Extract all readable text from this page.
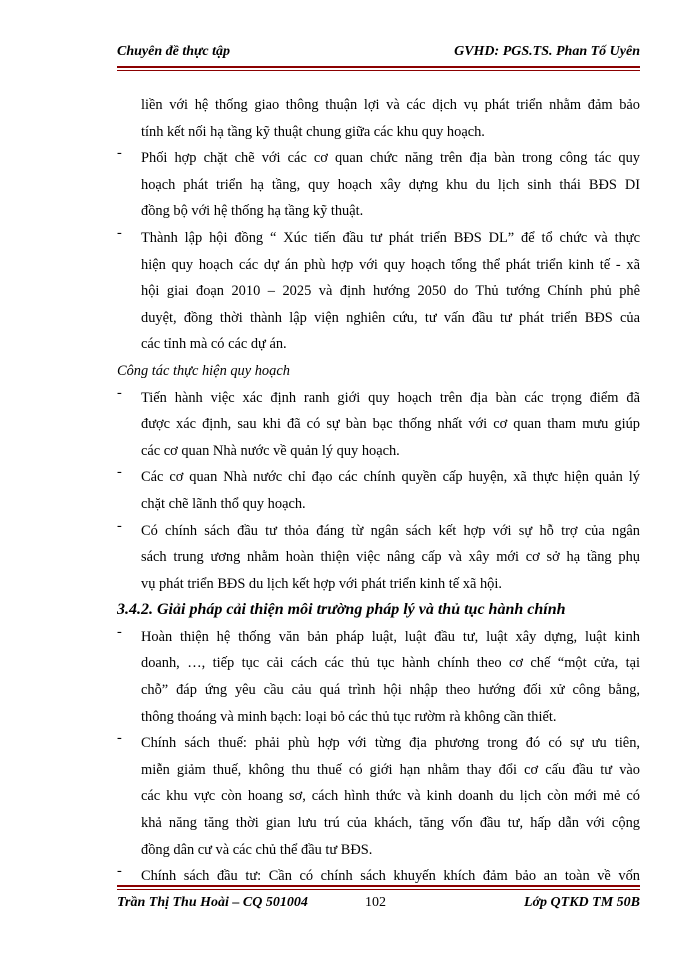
Chuyên đề thực tập	GVHD: PGS.TS. Phan Tố Uyên
liền với hệ thống giao thông thuận lợi và các dịch vụ phát triển nhằm đảm bảo
tính kết nối hạ tầng kỹ thuật chung giữa các khu quy hoạch.
-	Phối hợp chặt chẽ với các cơ quan chức năng trên địa bàn trong công tác quy
hoạch phát triển hạ tầng, quy hoạch xây dựng khu du lịch sinh thái BĐS DI
đồng bộ với hệ thống hạ tầng kỹ thuật.
-	Thành lập hội đồng “ Xúc tiến đầu tư phát triển BĐS DL” để tổ chức và thực
hiện quy hoạch các dự án phù hợp với quy hoạch tổng thể phát triển kinh tế - xã
hội giai đoạn 2010 – 2025 và định hướng 2050 do Thủ tướng Chính phủ phê
duyệt, đồng thời thành lập viện nghiên cứu, tư vấn đầu tư phát triển BĐS của
các tỉnh mà có các dự án.
Công tác thực hiện quy hoạch
-	Tiến hành việc xác định ranh giới quy hoạch trên địa bàn các trọng điểm đã
được xác định, sau khi đã có sự bàn bạc thống nhất với cơ quan tham mưu giúp
các cơ quan Nhà nước về quản lý quy hoạch.
-	Các cơ quan Nhà nước chỉ đạo các chính quyền cấp huyện, xã thực hiện quản lý
chặt chẽ lãnh thổ quy hoạch.
-	Có chính sách đầu tư thỏa đáng từ ngân sách kết hợp với sự hỗ trợ của ngân
sách trung ương nhằm hoàn thiện việc nâng cấp và xây mới cơ sở hạ tầng phụ
vụ phát triển BĐS du lịch kết hợp với phát triển kinh tế xã hội.
3.4.2. Giải pháp cải thiện môi trường pháp lý và thủ tục hành chính
-	Hoàn thiện hệ thống văn bản pháp luật, luật đầu tư, luật xây dựng, luật kinh
doanh, …, tiếp tục cải cách các thủ tục hành chính theo cơ chế “một cửa, tại
chỗ” đáp ứng yêu cầu cảu quá trình hội nhập theo hướng đối xử công bằng,
thông thoáng và minh bạch: loại bỏ các thủ tục rườm rà không cần thiết.
-	Chính sách thuế: phải phù hợp với từng địa phương trong đó có sự ưu tiên,
miễn giảm thuế, không thu thuế có giới hạn nhằm thay đổi cơ cấu đầu tư vào
các khu vực còn hoang sơ, cách hình thức và kinh doanh du lịch còn mới mẻ có
khả năng tăng thời gian lưu trú của khách, tăng vốn đầu tư, hấp dẫn với cộng
đồng dân cư và các chủ thể đầu tư BĐS.
-	Chính sách đầu tư: Cần có chính sách khuyến khích đảm bảo an toàn về vốn
Trần Thị Thu Hoài – CQ 501004	102	Lớp QTKD TM 50B
